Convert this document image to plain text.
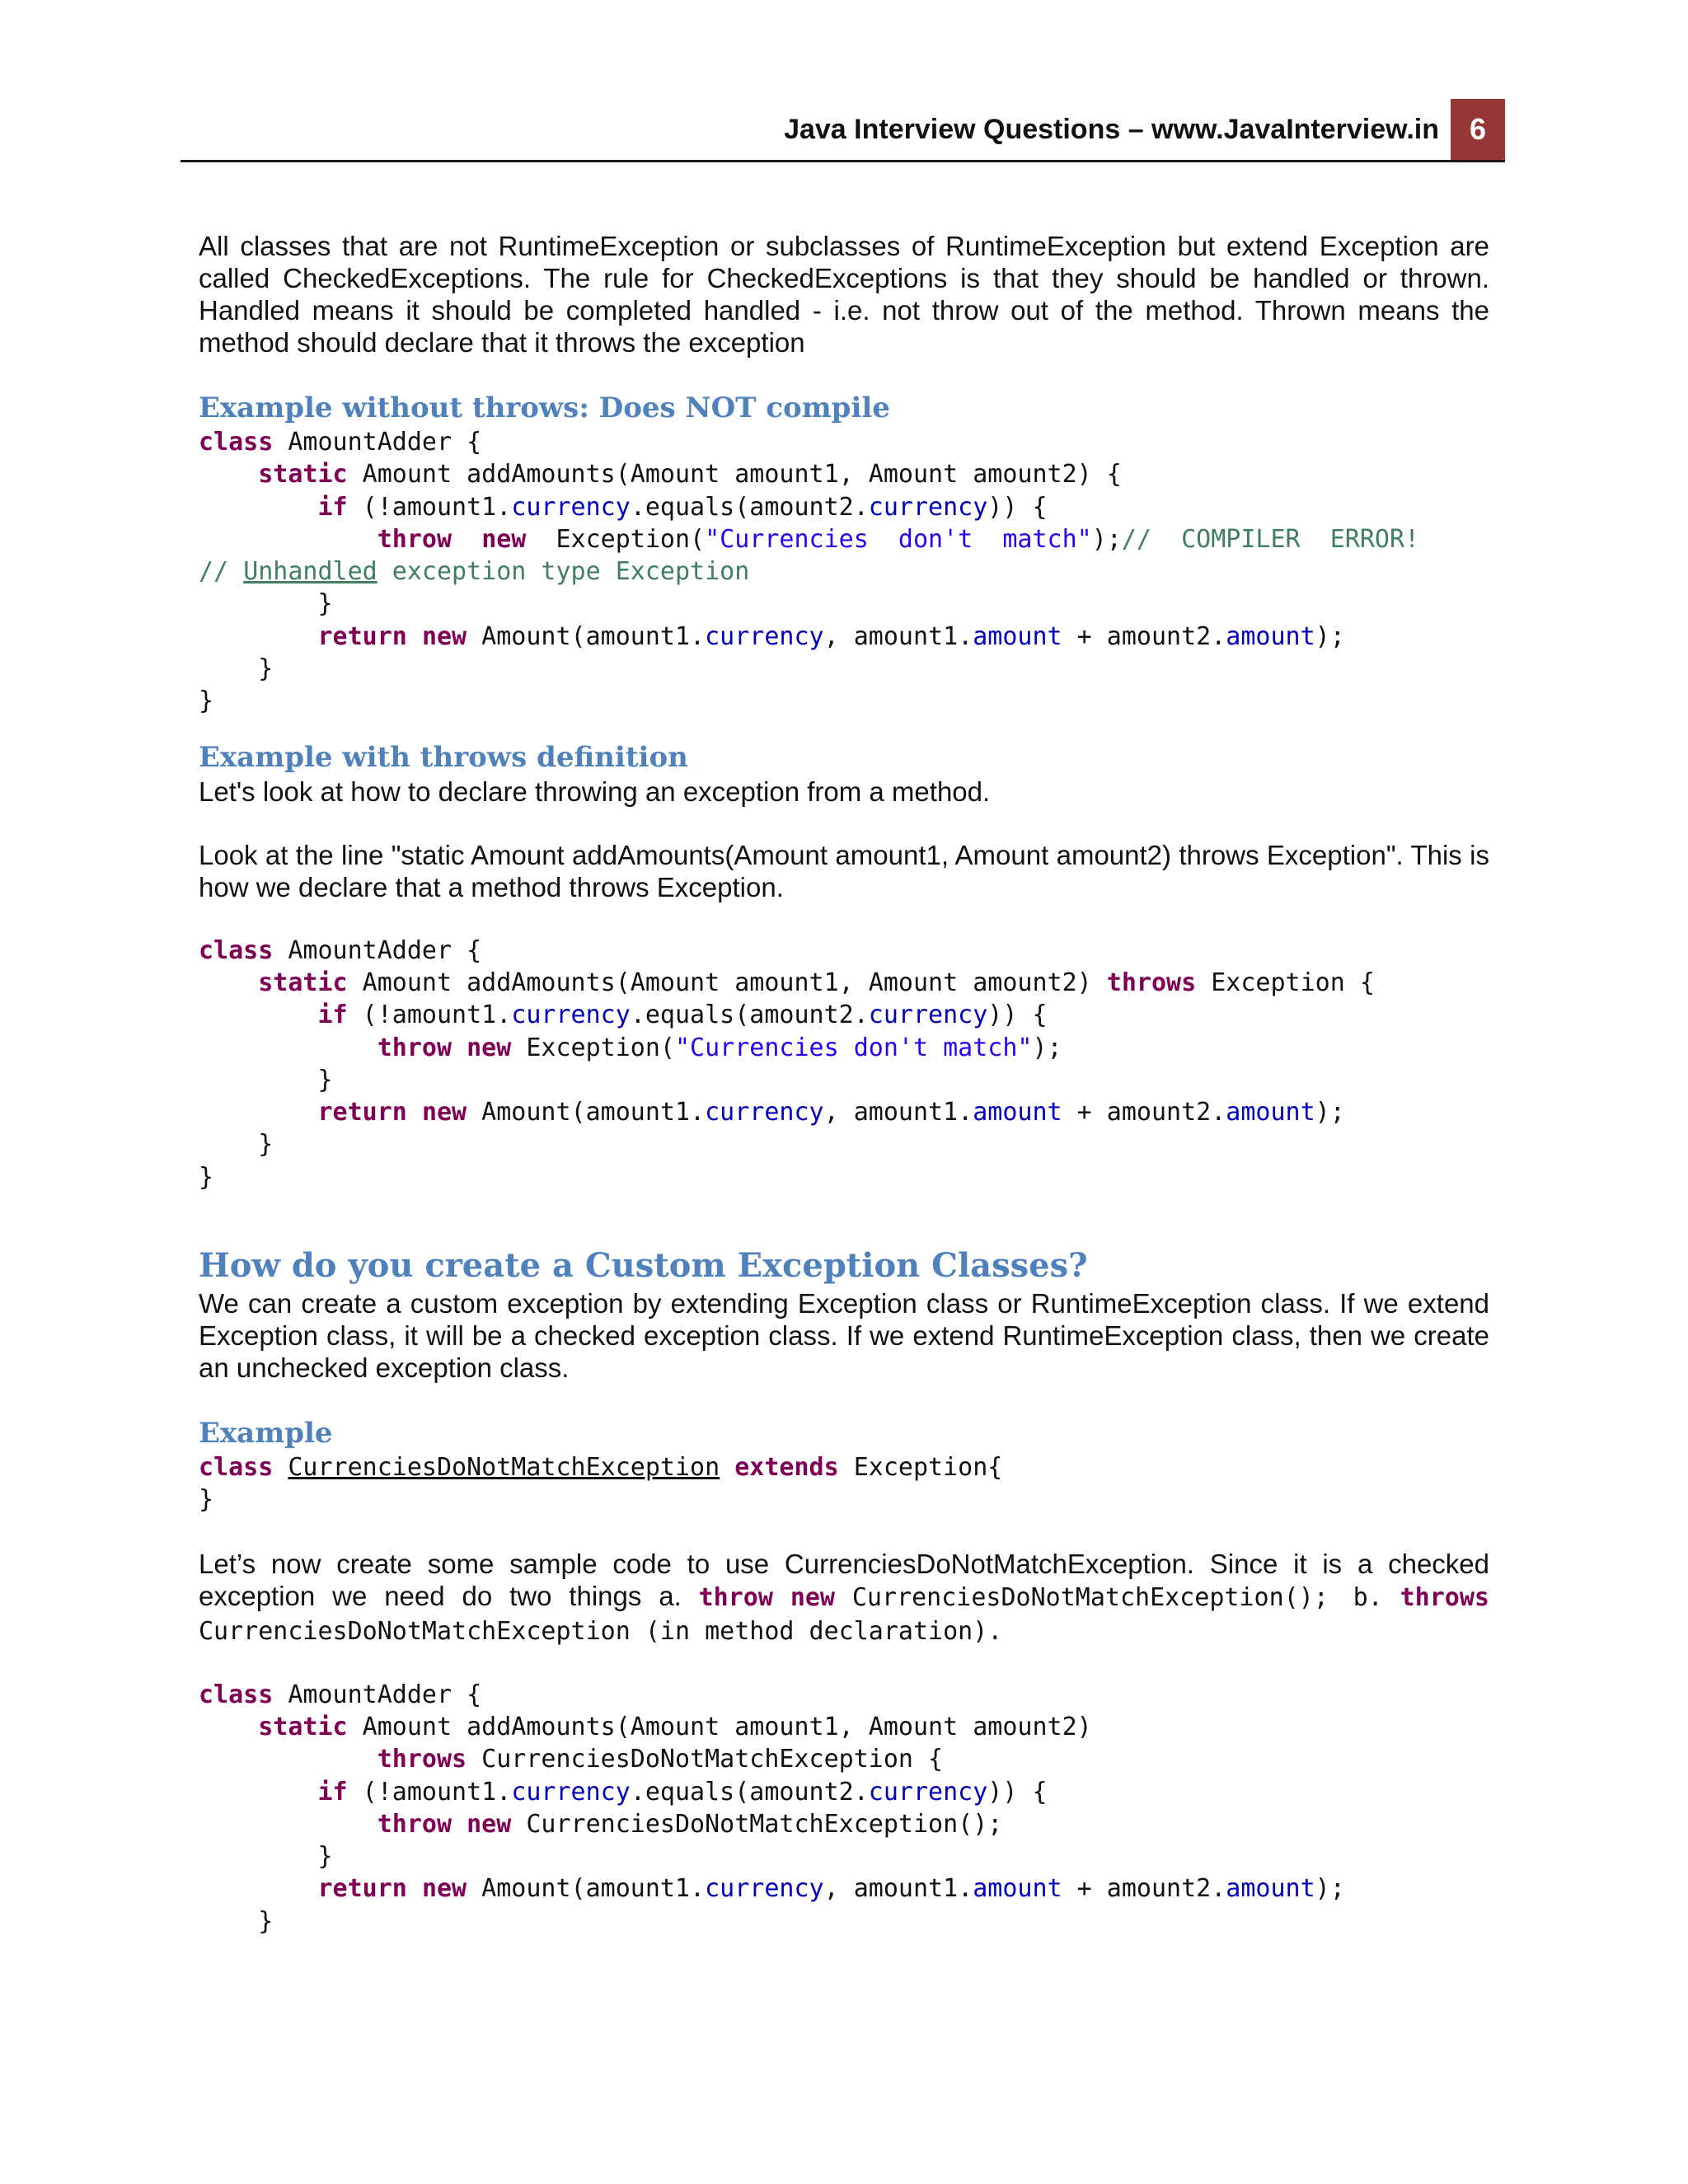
Java Interview Questions – www.JavaInterview.in	6

All classes that are not RuntimeException or subclasses of RuntimeException but extend Exception are called CheckedExceptions. The rule for CheckedExceptions is that they should be handled or thrown. Handled means it should be completed handled - i.e. not throw out of the method. Thrown means the method should declare that it throws the exception

Example without throws: Does NOT compile
class AmountAdder {
static Amount addAmounts(Amount amount1, Amount amount2) {
if (!amount1.currency.equals(amount2.currency)) {
throw new  Exception("Currencies  don't  match");//  COMPILER  ERROR!
// Unhandled exception type Exception
}
return new Amount(amount1.currency, amount1.amount + amount2.amount);
}
}
Example with throws definition

Let's look at how to declare throwing an exception from a method.

Look at the line "static Amount addAmounts(Amount amount1, Amount amount2) throws Exception". This is how we declare that a method throws Exception.

class AmountAdder {
static Amount addAmounts(Amount amount1, Amount amount2) throws Exception {
if (!amount1.currency.equals(amount2.currency)) {
throw new Exception("Currencies don't match");
}
return new Amount(amount1.currency, amount1.amount + amount2.amount);
}
}
How do you create a Custom Exception Classes?

We can create a custom exception by extending Exception class or RuntimeException class. If we extend Exception class, it will be a checked exception class. If we extend RuntimeException class, then we create an unchecked exception class.

Example
class CurrenciesDoNotMatchException extends Exception{
}

Let’s now create some sample code to use CurrenciesDoNotMatchException. Since it is a checked exception we need do two things a. throw new CurrenciesDoNotMatchException(); b. throws CurrenciesDoNotMatchException (in method declaration).

class AmountAdder {
static Amount addAmounts(Amount amount1, Amount amount2)
throws CurrenciesDoNotMatchException {
if (!amount1.currency.equals(amount2.currency)) {
throw new CurrenciesDoNotMatchException();
}
return new Amount(amount1.currency, amount1.amount + amount2.amount);
}
